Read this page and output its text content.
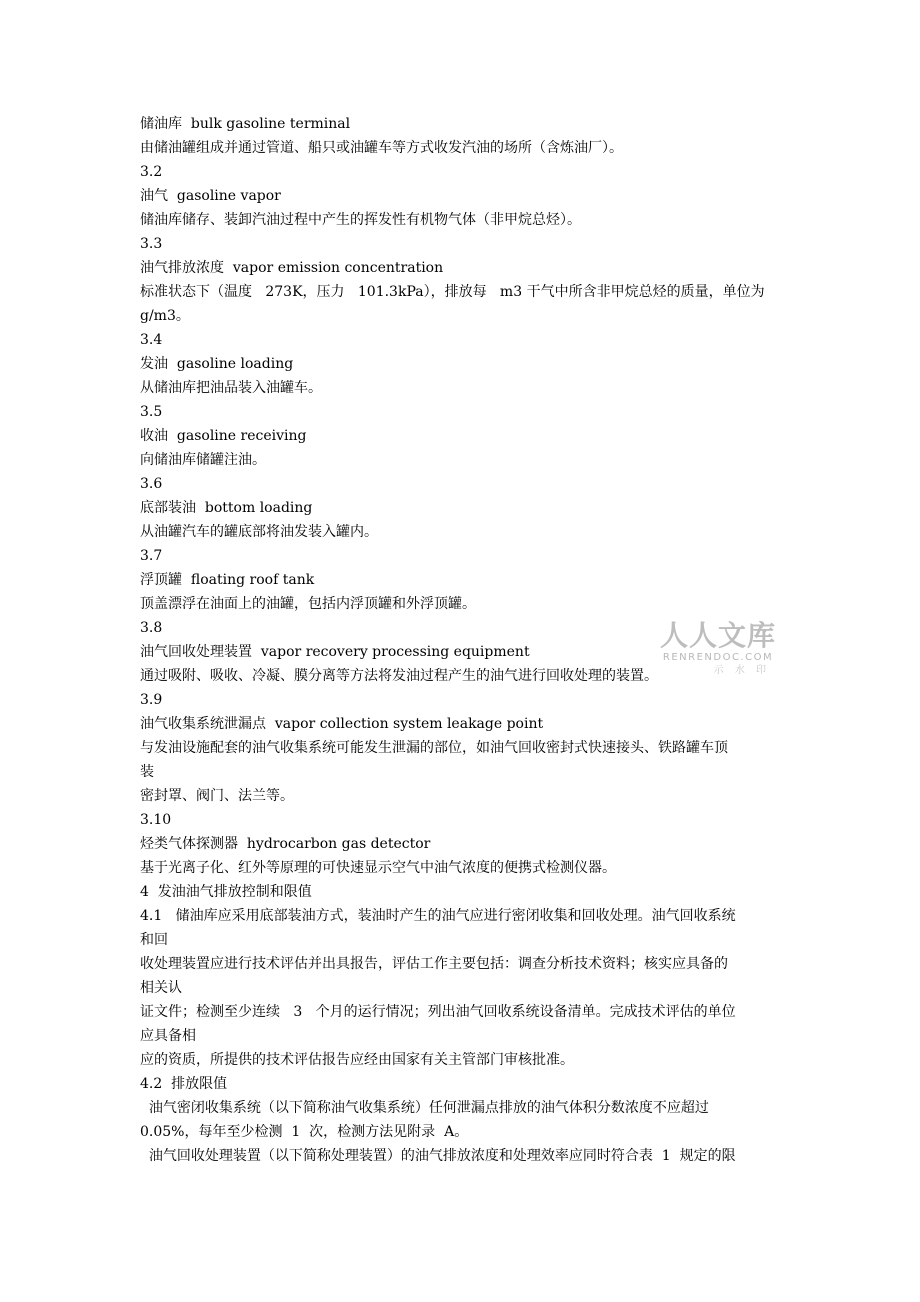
储油库  bulk gasoline terminal
由储油罐组成并通过管道、船只或油罐车等方式收发汽油的场所（含炼油厂）。
3.2
油气  gasoline vapor
储油库储存、装卸汽油过程中产生的挥发性有机物气体（非甲烷总烃）。
3.3
油气排放浓度  vapor emission concentration
标准状态下（温度   273K，压力   101.3kPa），排放每   m3 干气中所含非甲烷总烃的质量，单位为
g/m3。
3.4
发油  gasoline loading
从储油库把油品装入油罐车。
3.5
收油  gasoline receiving
向储油库储罐注油。
3.6
底部装油  bottom loading
从油罐汽车的罐底部将油发装入罐内。
3.7
浮顶罐  floating roof tank
顶盖漂浮在油面上的油罐，包括内浮顶罐和外浮顶罐。
3.8
油气回收处理装置  vapor recovery processing equipment
通过吸附、吸收、冷凝、膜分离等方法将发油过程产生的油气进行回收处理的装置。
3.9
油气收集系统泄漏点  vapor collection system leakage point
与发油设施配套的油气收集系统可能发生泄漏的部位，如油气回收密封式快速接头、铁路罐车顶
装
密封罩、阀门、法兰等。
3.10
烃类气体探测器  hydrocarbon gas detector
基于光离子化、红外等原理的可快速显示空气中油气浓度的便携式检测仪器。
4  发油油气排放控制和限值
4.1   储油库应采用底部装油方式，装油时产生的油气应进行密闭收集和回收处理。油气回收系统
和回
收处理装置应进行技术评估并出具报告，评估工作主要包括：调查分析技术资料；核实应具备的
相关认
证文件；检测至少连续   3   个月的运行情况；列出油气回收系统设备清单。完成技术评估的单位
应具备相
应的资质，所提供的技术评估报告应经由国家有关主管部门审核批准。
4.2  排放限值
油气密闭收集系统（以下简称油气收集系统）任何泄漏点排放的油气体积分数浓度不应超过
0.05%，每年至少检测  1  次，检测方法见附录  A。
油气回收处理装置（以下简称处理装置）的油气排放浓度和处理效率应同时符合表  1  规定的限
人人文库
RENRENDOC.COM
示 水 印
